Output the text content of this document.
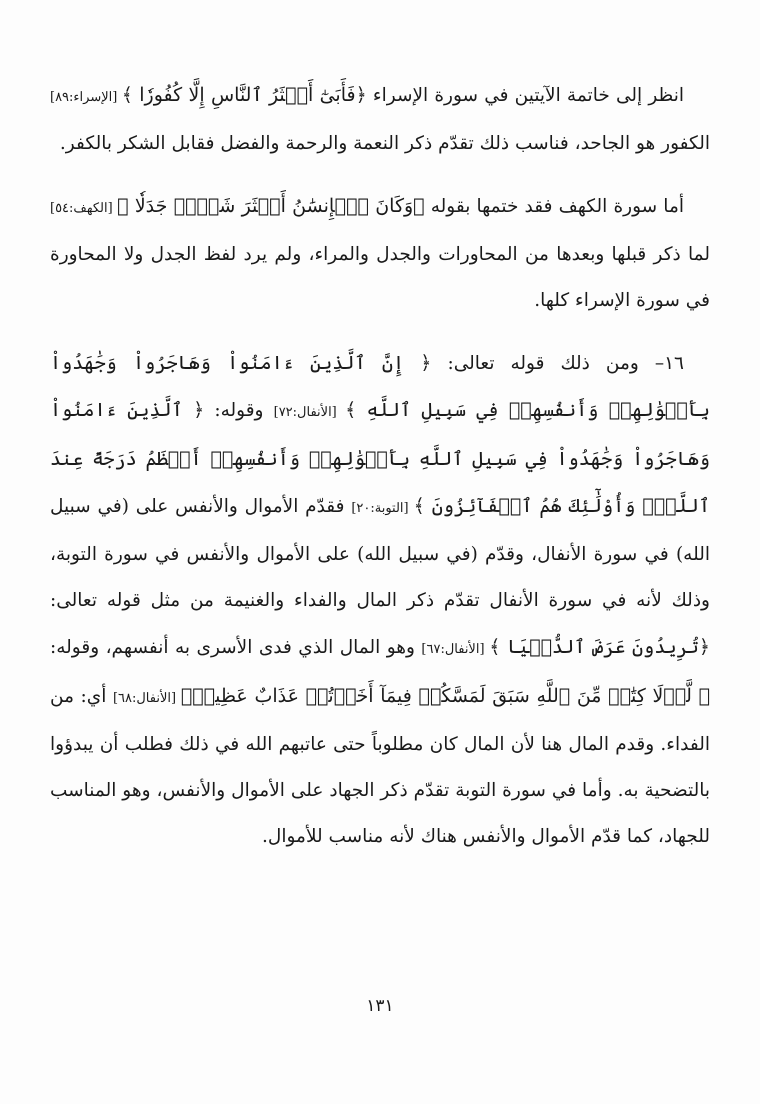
انظر إلى خاتمة الآيتين في سورة الإسراء ﴿فَأَبَىٰٓ أَكۡثَرُ ٱلنَّاسِ إِلَّا كُفُورٗا ﴾ [الإسراء:٨٩] الكفور هو الجاحد، فناسب ذلك تقدّم ذكر النعمة والرحمة والفضل فقابل الشكر بالكفر.

أما سورة الكهف فقد ختمها بقوله ﴿وَكَانَ ٱلۡإِنسَٰنُ أَكۡثَرَ شَيۡءٖ جَدَلٗا ﴾ [الكهف:٥٤] لما ذكر قبلها وبعدها من المحاورات والجدل والمراء، ولم يرد لفظ الجدل ولا المحاورة في سورة الإسراء كلها.

١٦– ومن ذلك قوله تعالى: ﴿ إِنَّ ٱلَّذِينَ ءَامَنُواْ وَهَاجَرُواْ وَجَٰهَدُواْ بِأَمۡوَٰلِهِمۡ وَأَنفُسِهِمۡ فِي سَبِيلِ ٱللَّهِ ﴾ [الأنفال:٧٢] وقوله: ﴿ ٱلَّذِينَ ءَامَنُواْ وَهَاجَرُواْ وَجَٰهَدُواْ فِي سَبِيلِ ٱللَّهِ بِأَمۡوَٰلِهِمۡ وَأَنفُسِهِمۡ أَعۡظَمُ دَرَجَةً عِندَ ٱللَّهِۚ وَأُوْلَٰٓئِكَ هُمُ ٱلۡفَآئِزُونَ ﴾ [التوبة:٢٠] فقدّم الأموال والأنفس على (في سبيل الله) في سورة الأنفال، وقدّم (في سبيل الله) على الأموال والأنفس في سورة التوبة، وذلك لأنه في سورة الأنفال تقدّم ذكر المال والفداء والغنيمة من مثل قوله تعالى: ﴿تُرِيدُونَ عَرَضَ ٱلدُّنۡيَا ﴾ [الأنفال:٦٧] وهو المال الذي فدى الأسرى به أنفسهم، وقوله: ﴿ لَّوۡلَا كِتَٰبٞ مِّنَ ٱللَّهِ سَبَقَ لَمَسَّكُمۡ فِيمَآ أَخَذۡتُمۡ عَذَابٌ عَظِيمٞ﴾ [الأنفال:٦٨] أي: من الفداء. وقدم المال هنا لأن المال كان مطلوباً حتى عاتبهم الله في ذلك فطلب أن يبدؤوا بالتضحية به. وأما في سورة التوبة تقدّم ذكر الجهاد على الأموال والأنفس، وهو المناسب للجهاد، كما قدّم الأموال والأنفس هناك لأنه مناسب للأموال.

١٣١
